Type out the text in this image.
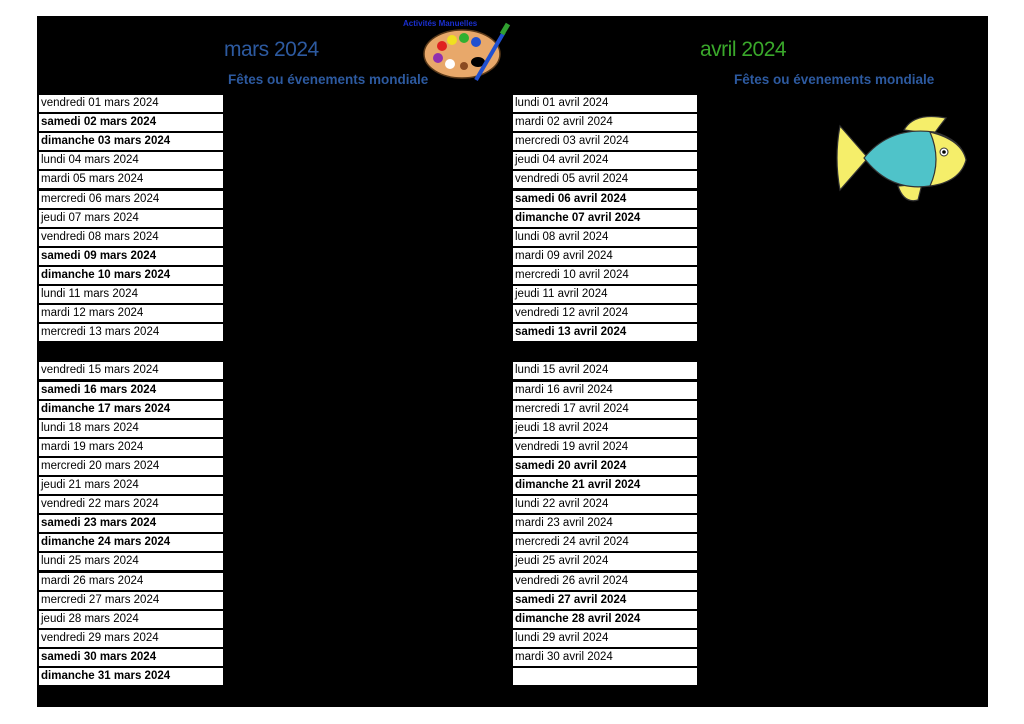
mars 2024	avril 2024
Fêtes ou évenements mondiale	Fêtes ou évenements mondiale
Activités Manuelles
vendredi 01 mars 2024
samedi 02 mars 2024
dimanche 03 mars 2024
lundi 04 mars 2024
mardi 05 mars 2024
mercredi 06 mars 2024
jeudi 07 mars 2024
vendredi 08 mars 2024
samedi 09 mars 2024
dimanche 10 mars 2024
lundi 11 mars 2024
mardi 12 mars 2024
mercredi 13 mars 2024
vendredi 15 mars 2024
samedi 16 mars 2024
dimanche 17 mars 2024
lundi 18 mars 2024
mardi 19 mars 2024
mercredi 20 mars 2024
jeudi 21 mars 2024
vendredi 22 mars 2024
samedi 23 mars 2024
dimanche 24 mars 2024
lundi 25 mars 2024
mardi 26 mars 2024
mercredi 27 mars 2024
jeudi 28 mars 2024
vendredi 29 mars 2024
samedi 30 mars 2024
dimanche 31 mars 2024
lundi 01 avril 2024
mardi 02 avril 2024
mercredi 03 avril 2024
jeudi 04 avril 2024
vendredi 05 avril 2024
samedi 06 avril 2024
dimanche 07 avril 2024
lundi 08 avril 2024
mardi 09 avril 2024
mercredi 10 avril 2024
jeudi 11 avril 2024
vendredi 12 avril 2024
samedi 13 avril 2024
lundi 15 avril 2024
mardi 16 avril 2024
mercredi 17 avril 2024
jeudi 18 avril 2024
vendredi 19 avril 2024
samedi 20 avril 2024
dimanche 21 avril 2024
lundi 22 avril 2024
mardi 23 avril 2024
mercredi 24 avril 2024
jeudi 25 avril 2024
vendredi 26 avril 2024
samedi 27 avril 2024
dimanche 28 avril 2024
lundi 29 avril 2024
mardi 30 avril 2024
